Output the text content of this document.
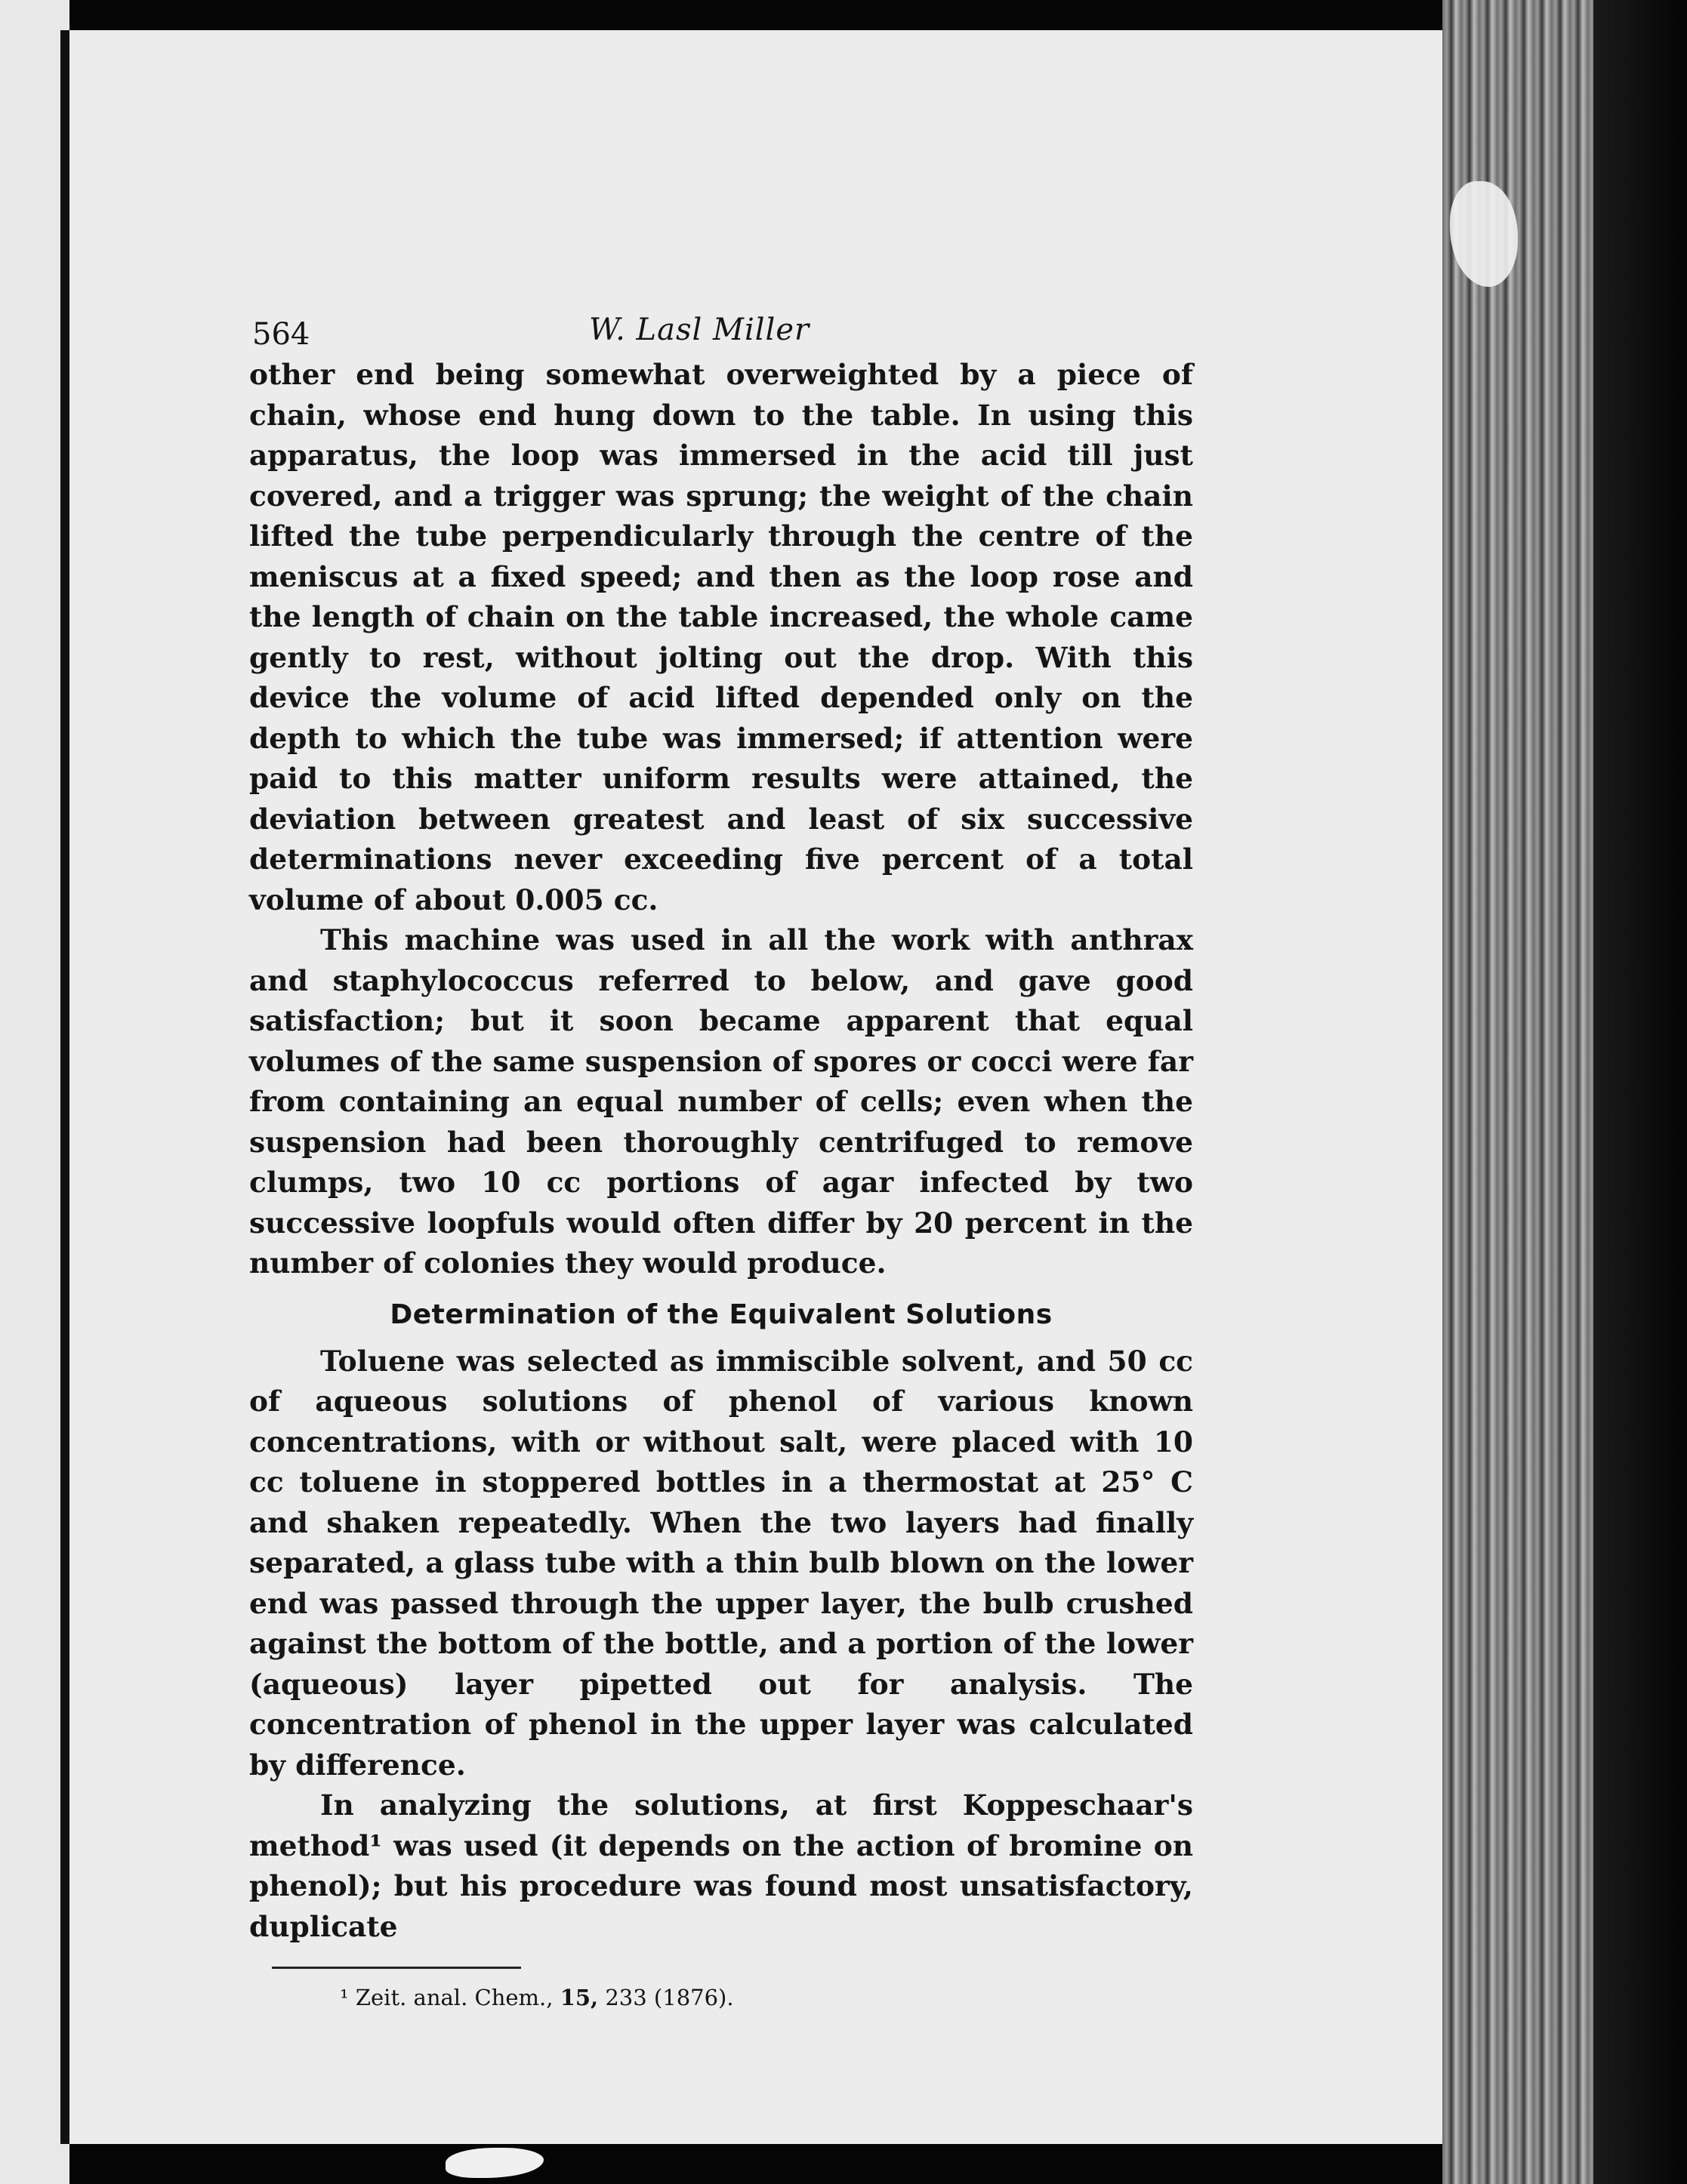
564	W. Lasl Miller

other end being somewhat overweighted by a piece of chain, whose end hung down to the table. In using this apparatus, the loop was immersed in the acid till just covered, and a trigger was sprung; the weight of the chain lifted the tube perpendicularly through the centre of the meniscus at a fixed speed; and then as the loop rose and the length of chain on the table increased, the whole came gently to rest, without jolting out the drop. With this device the volume of acid lifted depended only on the depth to which the tube was immersed; if attention were paid to this matter uniform results were attained, the deviation between greatest and least of six successive determinations never exceeding five percent of a total volume of about 0.005 cc.

This machine was used in all the work with anthrax and staphylococcus referred to below, and gave good satisfaction; but it soon became apparent that equal volumes of the same suspension of spores or cocci were far from containing an equal number of cells; even when the suspension had been thoroughly centrifuged to remove clumps, two 10 cc portions of agar infected by two successive loopfuls would often differ by 20 percent in the number of colonies they would produce.

Determination of the Equivalent Solutions

Toluene was selected as immiscible solvent, and 50 cc of aqueous solutions of phenol of various known concentrations, with or without salt, were placed with 10 cc toluene in stoppered bottles in a thermostat at 25° C and shaken repeatedly. When the two layers had finally separated, a glass tube with a thin bulb blown on the lower end was passed through the upper layer, the bulb crushed against the bottom of the bottle, and a portion of the lower (aqueous) layer pipetted out for analysis. The concentration of phenol in the upper layer was calculated by difference.

In analyzing the solutions, at first Koppeschaar's method¹ was used (it depends on the action of bromine on phenol); but his procedure was found most unsatisfactory, duplicate

¹ Zeit. anal. Chem., 15, 233 (1876).
